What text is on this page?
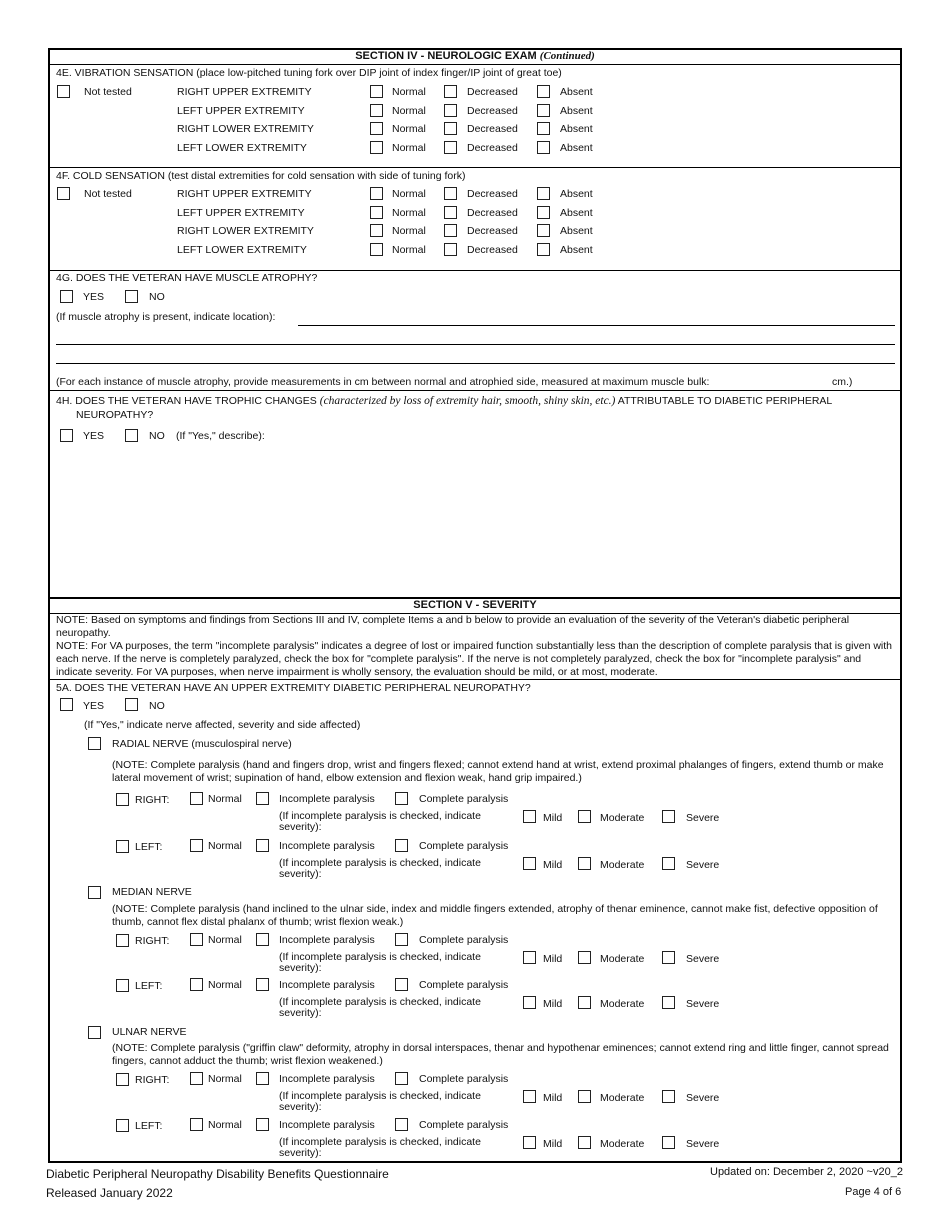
SECTION IV - NEUROLOGIC EXAM (Continued)
4E. VIBRATION SENSATION (place low-pitched tuning fork over DIP joint of index finger/IP joint of great toe)
Not tested	RIGHT UPPER EXTREMITY	Normal	Decreased	Absent
LEFT UPPER EXTREMITY	Normal	Decreased	Absent
RIGHT LOWER EXTREMITY	Normal	Decreased	Absent
LEFT LOWER EXTREMITY	Normal	Decreased	Absent
4F. COLD SENSATION (test distal extremities for cold sensation with side of tuning fork)
Not tested	RIGHT UPPER EXTREMITY	Normal	Decreased	Absent
LEFT UPPER EXTREMITY	Normal	Decreased	Absent
RIGHT LOWER EXTREMITY	Normal	Decreased	Absent
LEFT LOWER EXTREMITY	Normal	Decreased	Absent
4G. DOES THE VETERAN HAVE MUSCLE ATROPHY?
YES	NO
(If muscle atrophy is present, indicate location):
(For each instance of muscle atrophy, provide measurements in cm between normal and atrophied side, measured at maximum muscle bulk:	cm.)
4H. DOES THE VETERAN HAVE TROPHIC CHANGES (characterized by loss of extremity hair, smooth, shiny skin, etc.) ATTRIBUTABLE TO DIABETIC PERIPHERAL
NEUROPATHY?
YES	NO (If "Yes," describe):
SECTION V - SEVERITY
NOTE: Based on symptoms and findings from Sections III and IV, complete Items a and b below to provide an evaluation of the severity of the Veteran's diabetic peripheral neuropathy.
NOTE: For VA purposes, the term "incomplete paralysis" indicates a degree of lost or impaired function substantially less than the description of complete paralysis that is given with each nerve. If the nerve is completely paralyzed, check the box for "complete paralysis". If the nerve is not completely paralyzed, check the box for "incomplete paralysis" and indicate severity. For VA purposes, when nerve impairment is wholly sensory, the evaluation should be mild, or at most, moderate.
5A. DOES THE VETERAN HAVE AN UPPER EXTREMITY DIABETIC PERIPHERAL NEUROPATHY?
YES	NO
(If "Yes," indicate nerve affected, severity and side affected)
RADIAL NERVE (musculospiral nerve)
(NOTE: Complete paralysis (hand and fingers drop, wrist and fingers flexed; cannot extend hand at wrist, extend proximal phalanges of fingers, extend thumb or make lateral movement of wrist; supination of hand, elbow extension and flexion weak, hand grip impaired.)
RIGHT:	Normal	Incomplete paralysis	Complete paralysis
(If incomplete paralysis is checked, indicate
severity):
Mild	Moderate	Severe
LEFT:	Normal	Incomplete paralysis	Complete paralysis
(If incomplete paralysis is checked, indicate
severity):
Mild	Moderate	Severe
MEDIAN NERVE
(NOTE: Complete paralysis (hand inclined to the ulnar side, index and middle fingers extended, atrophy of thenar eminence, cannot make fist, defective opposition of thumb, cannot flex distal phalanx of thumb; wrist flexion weak.)
RIGHT:	Normal	Incomplete paralysis	Complete paralysis
(If incomplete paralysis is checked, indicate
severity):
Mild	Moderate	Severe
LEFT:	Normal	Incomplete paralysis	Complete paralysis
(If incomplete paralysis is checked, indicate
severity):
Mild	Moderate	Severe
ULNAR NERVE
(NOTE: Complete paralysis ("griffin claw" deformity, atrophy in dorsal interspaces, thenar and hypothenar eminences; cannot extend ring and little finger, cannot spread fingers, cannot adduct the thumb; wrist flexion weakened.)
RIGHT:	Normal	Incomplete paralysis	Complete paralysis
(If incomplete paralysis is checked, indicate
severity):
Mild	Moderate	Severe
LEFT:	Normal	Incomplete paralysis	Complete paralysis
(If incomplete paralysis is checked, indicate
severity):
Mild	Moderate	Severe
Diabetic Peripheral Neuropathy Disability Benefits Questionnaire
Released January 2022
Updated on: December 2, 2020 ~v20_2
Page 4 of 6
